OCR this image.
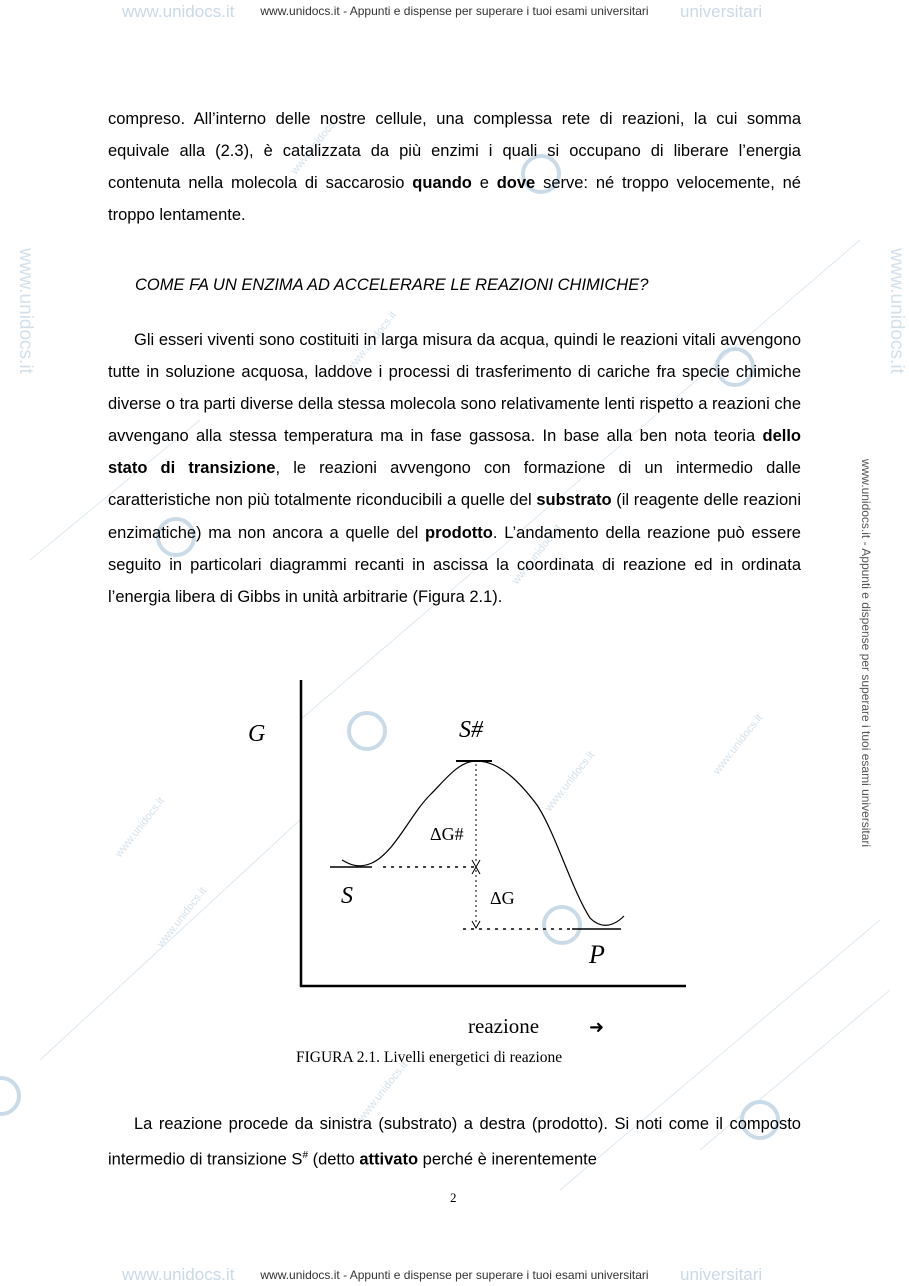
www.unidocs.it - Appunti e dispense per superare i tuoi esami universitari
www.unidocs.it - Appunti e dispense per superare i tuoi esami universitari
www.unidocs.it	universitari
www.unidocs.it	universitari
www.unidocs.it - Appunti e dispense per superare i tuoi esami universitari
www.unidocs.it	www.unidocs.it
www.unidocs.it
www.unidocs.it
www.unidocs.it
www.unidocs.it
www.unidocs.it
www.unidocs.it
www.unidocs.it
www.unidocs.it
compreso. All’interno delle nostre cellule, una complessa rete di reazioni, la cui somma equivale alla (2.3), è catalizzata da più enzimi i quali si occupano di liberare l’energia contenuta nella molecola di saccarosio quando e dove serve: né troppo velocemente, né troppo lentamente.
COME FA UN ENZIMA AD ACCELERARE LE REAZIONI CHIMICHE?
Gli esseri viventi sono costituiti in larga misura da acqua, quindi le reazioni vitali avvengono tutte in soluzione acquosa, laddove i processi di trasferimento di cariche fra specie chimiche diverse o tra parti diverse della stessa molecola sono relativamente lenti rispetto a reazioni che avvengano alla stessa temperatura ma in fase gassosa. In base alla ben nota teoria dello stato di transizione, le reazioni avvengono con formazione di un intermedio dalle caratteristiche non più totalmente riconducibili a quelle del substrato (il reagente delle reazioni enzimatiche) ma non ancora a quelle del prodotto. L’andamento della reazione può essere seguito in particolari diagrammi recanti in ascissa la coordinata di reazione ed in ordinata l’energia libera di Gibbs in unità arbitrarie (Figura 2.1).
G	S#
ΔG#
S	ΔG
P
reazione	➜
FIGURA 2.1. Livelli energetici di reazione
La reazione procede da sinistra (substrato) a destra (prodotto). Si noti come il composto intermedio di transizione S# (detto attivato perché è inerentemente
2
